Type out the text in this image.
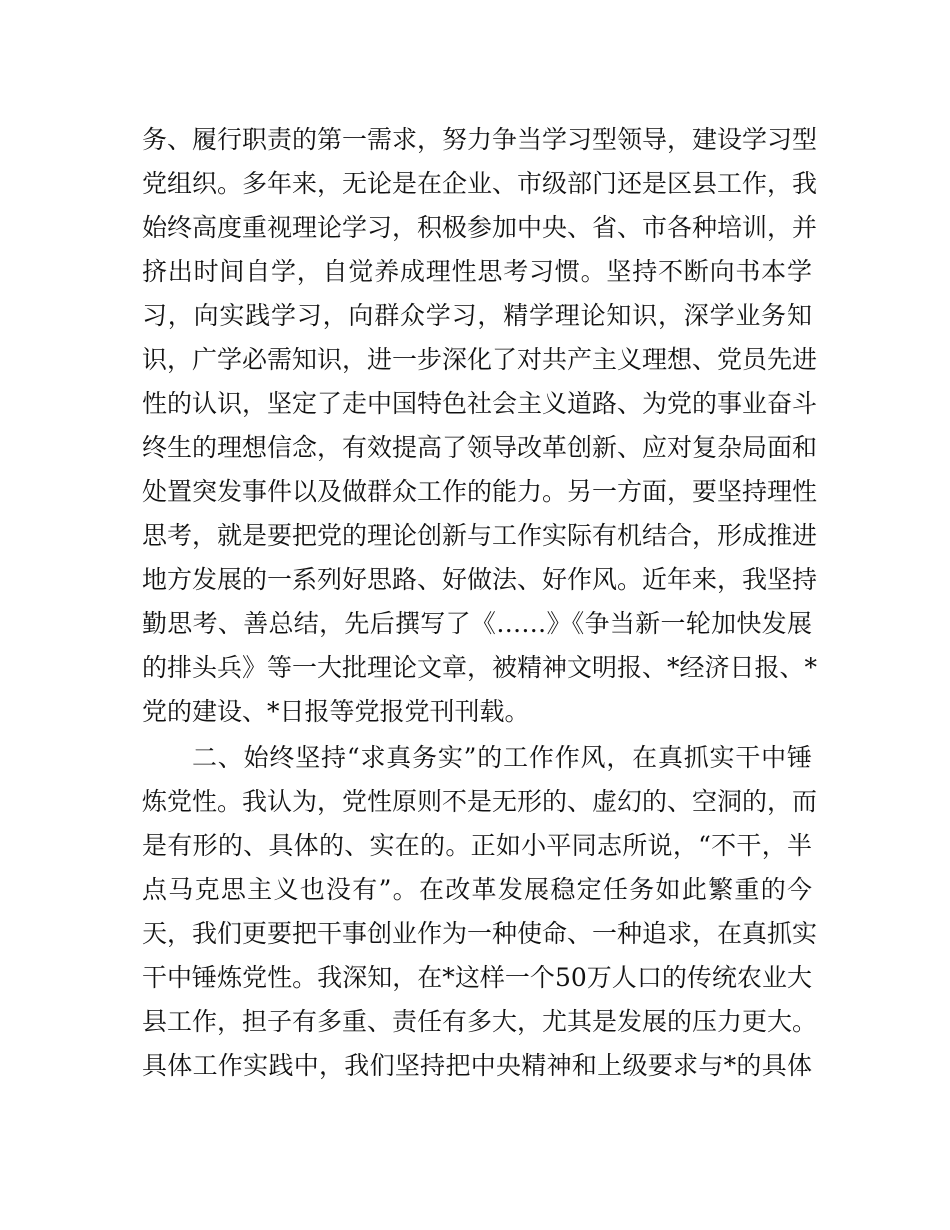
务、履行职责的第一需求，努力争当学习型领导，建设学习型
党组织。多年来，无论是在企业、市级部门还是区县工作，我
始终高度重视理论学习，积极参加中央、省、市各种培训，并
挤出时间自学，自觉养成理性思考习惯。坚持不断向书本学
习，向实践学习，向群众学习，精学理论知识，深学业务知
识，广学必需知识，进一步深化了对共产主义理想、党员先进
性的认识，坚定了走中国特色社会主义道路、为党的事业奋斗
终生的理想信念，有效提高了领导改革创新、应对复杂局面和
处置突发事件以及做群众工作的能力。另一方面，要坚持理性
思考，就是要把党的理论创新与工作实际有机结合，形成推进
地方发展的一系列好思路、好做法、好作风。近年来，我坚持
勤思考、善总结，先后撰写了《……》《争当新一轮加快发展
的排头兵》等一大批理论文章，被精神文明报、*经济日报、*
党的建设、*日报等党报党刊刊载。
二、始终坚持“求真务实”的工作作风，在真抓实干中锤
炼党性。我认为，党性原则不是无形的、虚幻的、空洞的，而
是有形的、具体的、实在的。正如小平同志所说，“不干，半
点马克思主义也没有”。在改革发展稳定任务如此繁重的今
天，我们更要把干事创业作为一种使命、一种追求，在真抓实
干中锤炼党性。我深知，在*这样一个50万人口的传统农业大
县工作，担子有多重、责任有多大，尤其是发展的压力更大。
具体工作实践中，我们坚持把中央精神和上级要求与*的具体
